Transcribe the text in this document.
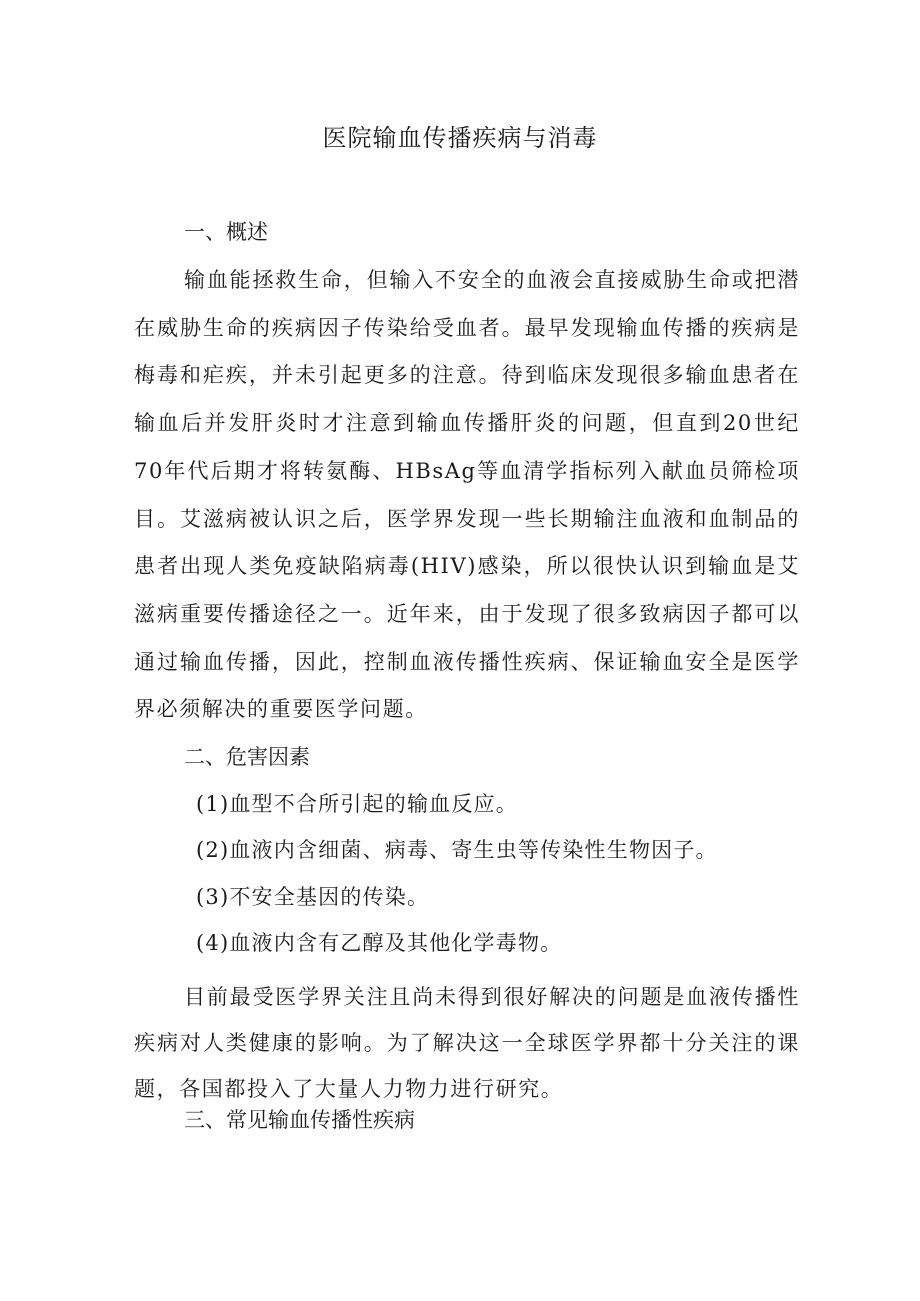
医院输血传播疾病与消毒
一、概述
输血能拯救生命，但输入不安全的血液会直接威胁生命或把潜在威胁生命的疾病因子传染给受血者。最早发现输血传播的疾病是梅毒和疟疾，并未引起更多的注意。待到临床发现很多输血患者在输血后并发肝炎时才注意到输血传播肝炎的问题，但直到20世纪70年代后期才将转氨酶、HBsAg等血清学指标列入献血员筛检项目。艾滋病被认识之后，医学界发现一些长期输注血液和血制品的患者出现人类免疫缺陷病毒(HIV)感染，所以很快认识到输血是艾滋病重要传播途径之一。近年来，由于发现了很多致病因子都可以通过输血传播，因此，控制血液传播性疾病、保证输血安全是医学界必须解决的重要医学问题。
二、危害因素
(1)血型不合所引起的输血反应。
(2)血液内含细菌、病毒、寄生虫等传染性生物因子。
(3)不安全基因的传染。
(4)血液内含有乙醇及其他化学毒物。
目前最受医学界关注且尚未得到很好解决的问题是血液传播性疾病对人类健康的影响。为了解决这一全球医学界都十分关注的课题，各国都投入了大量人力物力进行研究。
三、常见输血传播性疾病
